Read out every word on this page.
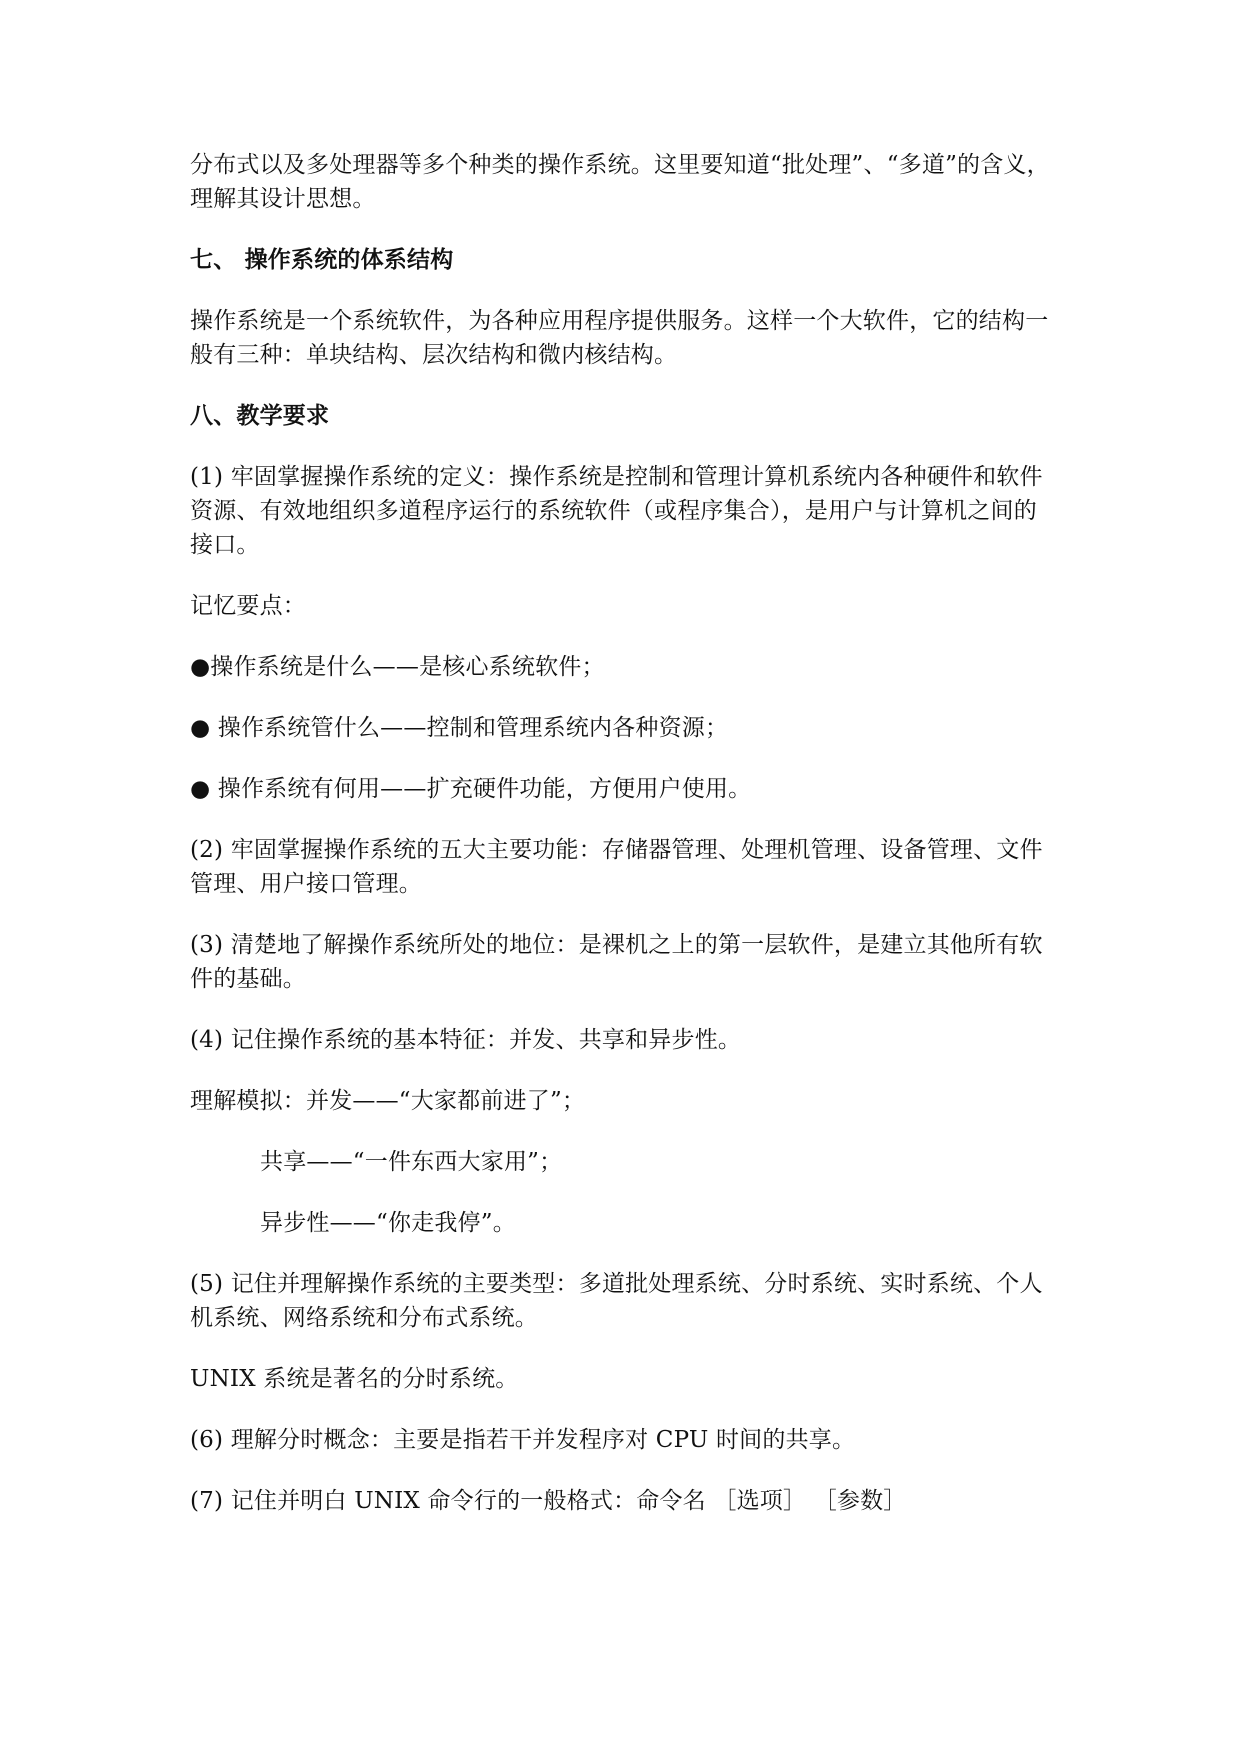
分布式以及多处理器等多个种类的操作系统。这里要知道“批处理”、“多道”的含义，理解其设计思想。

七、 操作系统的体系结构

操作系统是一个系统软件，为各种应用程序提供服务。这样一个大软件，它的结构一般有三种：单块结构、层次结构和微内核结构。

八、教学要求

(1) 牢固掌握操作系统的定义：操作系统是控制和管理计算机系统内各种硬件和软件资源、有效地组织多道程序运行的系统软件（或程序集合），是用户与计算机之间的接口。

记忆要点：

●操作系统是什么——是核心系统软件；

● 操作系统管什么——控制和管理系统内各种资源；

● 操作系统有何用——扩充硬件功能，方便用户使用。

(2) 牢固掌握操作系统的五大主要功能：存储器管理、处理机管理、设备管理、文件管理、用户接口管理。

(3) 清楚地了解操作系统所处的地位：是裸机之上的第一层软件，是建立其他所有软件的基础。

(4) 记住操作系统的基本特征：并发、共享和异步性。

理解模拟：并发——“大家都前进了”；

共享——“一件东西大家用”；

异步性——“你走我停”。

(5) 记住并理解操作系统的主要类型：多道批处理系统、分时系统、实时系统、个人机系统、网络系统和分布式系统。

UNIX 系统是著名的分时系统。

(6) 理解分时概念：主要是指若干并发程序对 CPU 时间的共享。

(7) 记住并明白 UNIX 命令行的一般格式：命令名 ［选项］ ［参数］
